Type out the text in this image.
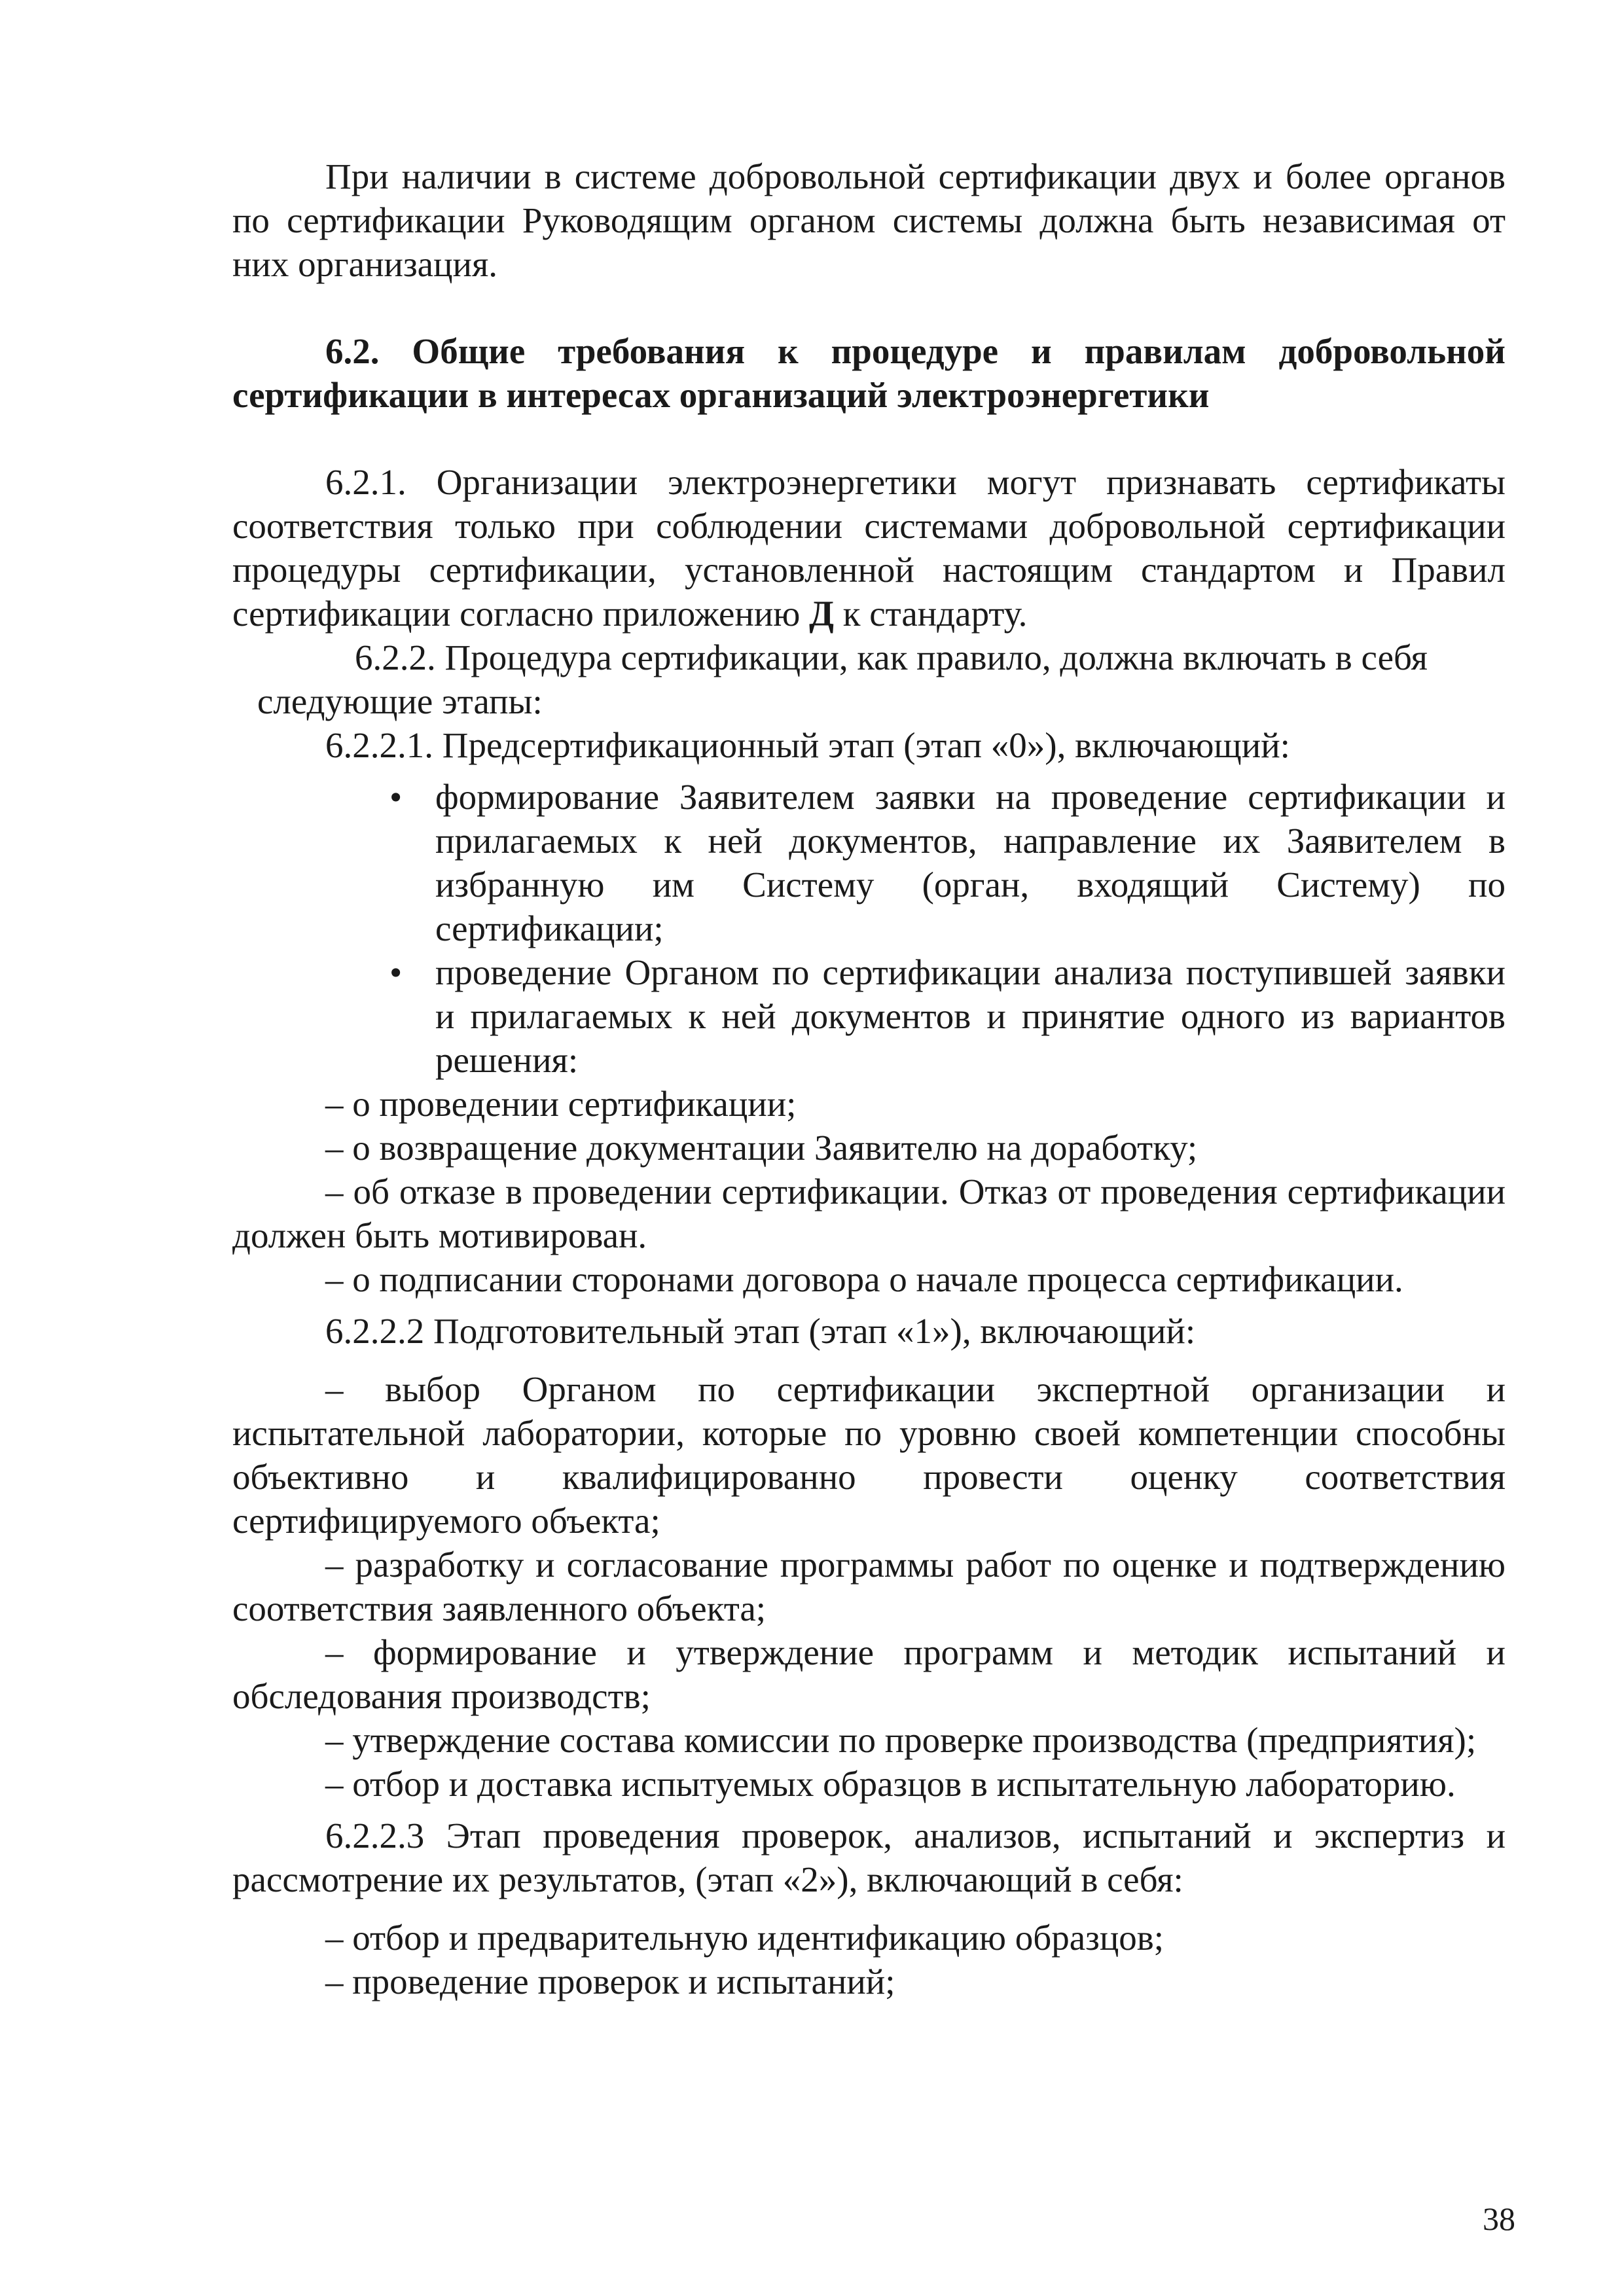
При наличии в системе добровольной сертификации двух и более органов по сертификации Руководящим органом системы должна быть независимая от них организация.

6.2. Общие требования к процедуре и правилам добровольной сертификации в интересах организаций электроэнергетики

6.2.1. Организации электроэнергетики могут признавать сертификаты соответствия только при соблюдении системами добровольной сертификации процедуры сертификации, установленной настоящим стандартом и Правил сертификации согласно приложению Д к стандарту.

6.2.2. Процедура сертификации, как правило, должна включать в себя

следующие этапы:

6.2.2.1. Предсертификационный этап (этап «0»), включающий:

• формирование Заявителем заявки на проведение сертификации и прилагаемых к ней документов, направление их Заявителем в избранную им Систему (орган, входящий Систему) по сертификации;
• проведение Органом по сертификации анализа поступившей заявки и прилагаемых к ней документов и принятие одного из вариантов решения:

– о проведении сертификации;

– о возвращение документации Заявителю на доработку;

– об отказе в проведении сертификации. Отказ от проведения сертификации должен быть мотивирован.

– о подписании сторонами договора о начале процесса сертификации.

6.2.2.2 Подготовительный этап (этап «1»), включающий:

– выбор Органом по сертификации экспертной организации и испытательной лаборатории, которые по уровню своей компетенции способны объективно и квалифицированно провести оценку соответствия сертифицируемого объекта;

– разработку и согласование программы работ по оценке и подтверждению соответствия заявленного объекта;

– формирование и утверждение программ и методик испытаний и обследования производств;

– утверждение состава комиссии по проверке производства (предприятия);

– отбор и доставка испытуемых образцов в испытательную лабораторию.

6.2.2.3 Этап проведения проверок, анализов, испытаний и экспертиз и рассмотрение их результатов, (этап «2»), включающий в себя:

– отбор и предварительную идентификацию образцов;

– проведение проверок и испытаний;

38
